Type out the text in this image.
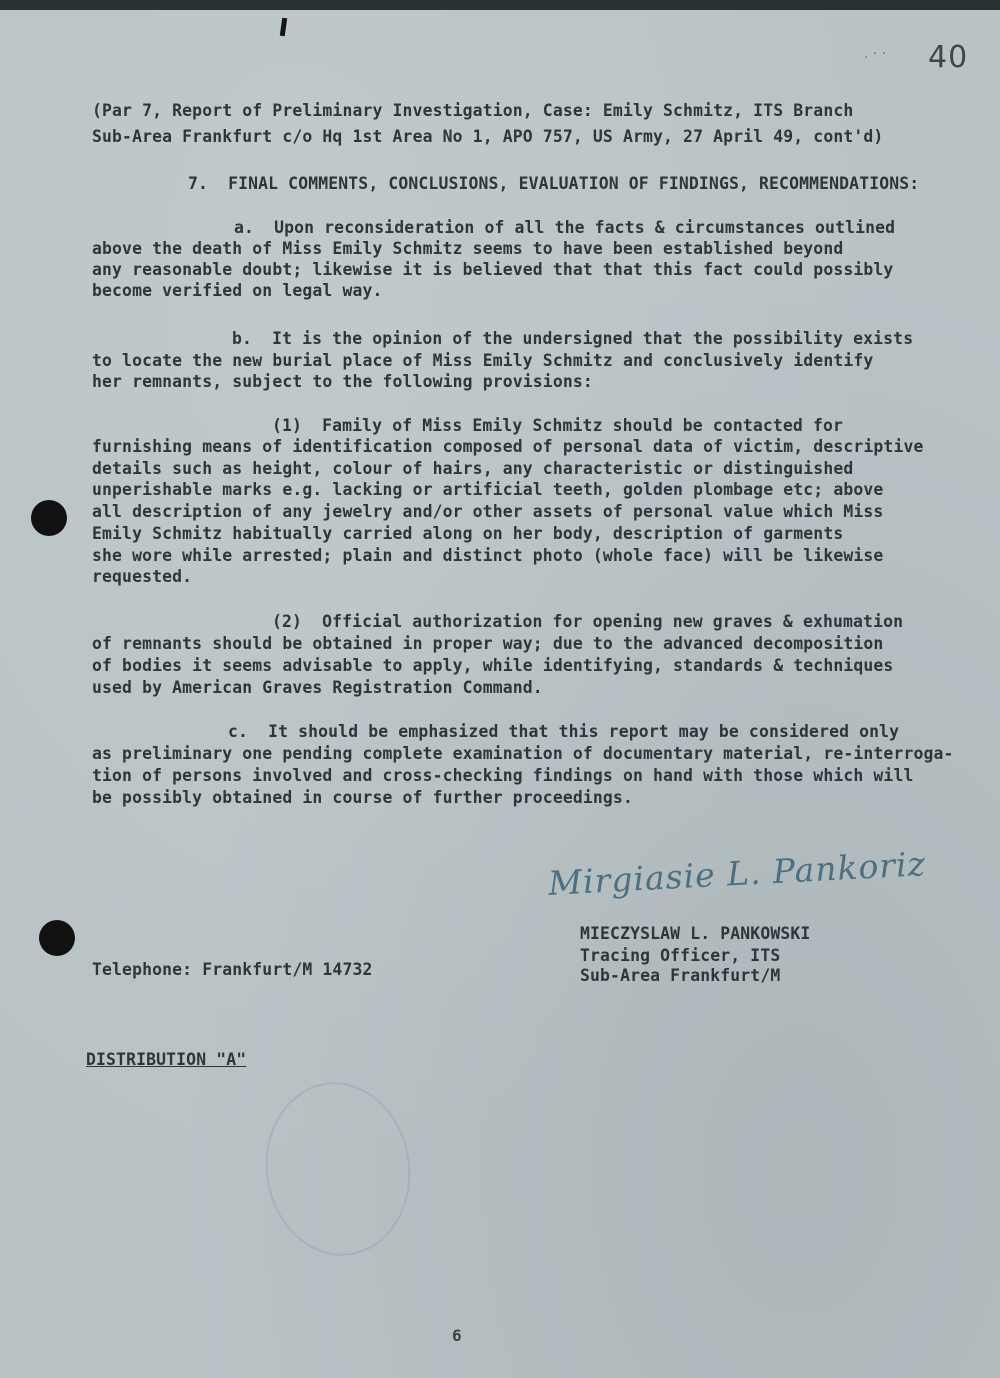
. · · 40
(Par 7, Report of Preliminary Investigation, Case: Emily Schmitz, ITS Branch
Sub-Area Frankfurt c/o Hq 1st Area No 1, APO 757, US Army, 27 April 49, cont'd)
7.  FINAL COMMENTS, CONCLUSIONS, EVALUATION OF FINDINGS, RECOMMENDATIONS:
a.  Upon reconsideration of all the facts & circumstances outlined
above the death of Miss Emily Schmitz seems to have been established beyond
any reasonable doubt; likewise it is believed that that this fact could possibly
become verified on legal way.
b.  It is the opinion of the undersigned that the possibility exists
to locate the new burial place of Miss Emily Schmitz and conclusively identify
her remnants, subject to the following provisions:
(1)  Family of Miss Emily Schmitz should be contacted for
furnishing means of identification composed of personal data of victim, descriptive
details such as height, colour of hairs, any characteristic or distinguished
unperishable marks e.g. lacking or artificial teeth, golden plombage etc; above
all description of any jewelry and/or other assets of personal value which Miss
Emily Schmitz habitually carried along on her body, description of garments
she wore while arrested; plain and distinct photo (whole face) will be likewise
requested.
(2)  Official authorization for opening new graves & exhumation
of remnants should be obtained in proper way; due to the advanced decomposition
of bodies it seems advisable to apply, while identifying, standards & techniques
used by American Graves Registration Command.
c.  It should be emphasized that this report may be considered only
as preliminary one pending complete examination of documentary material, re-interroga-
tion of persons involved and cross-checking findings on hand with those which will
be possibly obtained in course of further proceedings.
Mirgiasie L. Pankoriz
MIECZYSLAW L. PANKOWSKI
Tracing Officer, ITS
Sub-Area Frankfurt/M
Telephone: Frankfurt/M 14732
DISTRIBUTION "A"
6
